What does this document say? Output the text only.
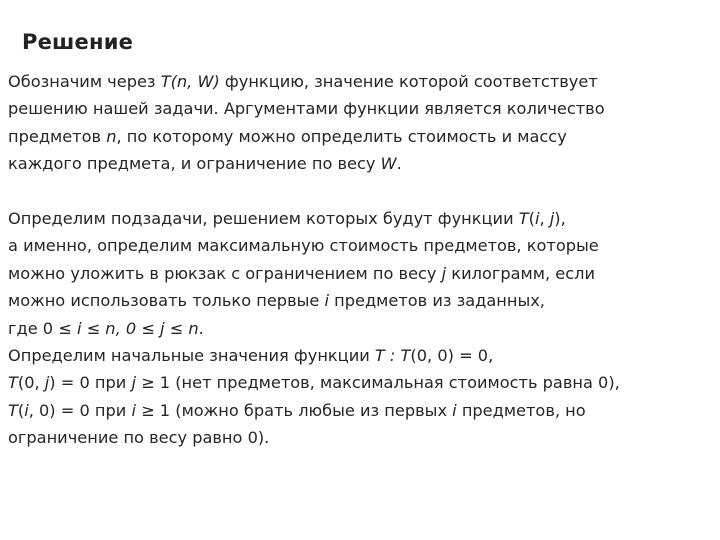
Решение
Обозначим через T(n, W) функцию, значение которой соответствует
решению нашей задачи. Аргументами функции является количество
предметов n, по которому можно определить стоимость и массу
каждого предмета, и ограничение по весу W.
Определим подзадачи, решением которых будут функции T(i, j),
а именно, определим максимальную стоимость предметов, которые
можно уложить в рюкзак с ограничением по весу j килограмм, если
можно использовать только первые i предметов из заданных,
где 0 ≤ i ≤ n, 0 ≤ j ≤ n.
Определим начальные значения функции T : T(0, 0) = 0,
T(0, j) = 0 при j ≥ 1 (нет предметов, максимальная стоимость равна 0),
T(i, 0) = 0 при i ≥ 1 (можно брать любые из первых i предметов, но
ограничение по весу равно 0).
